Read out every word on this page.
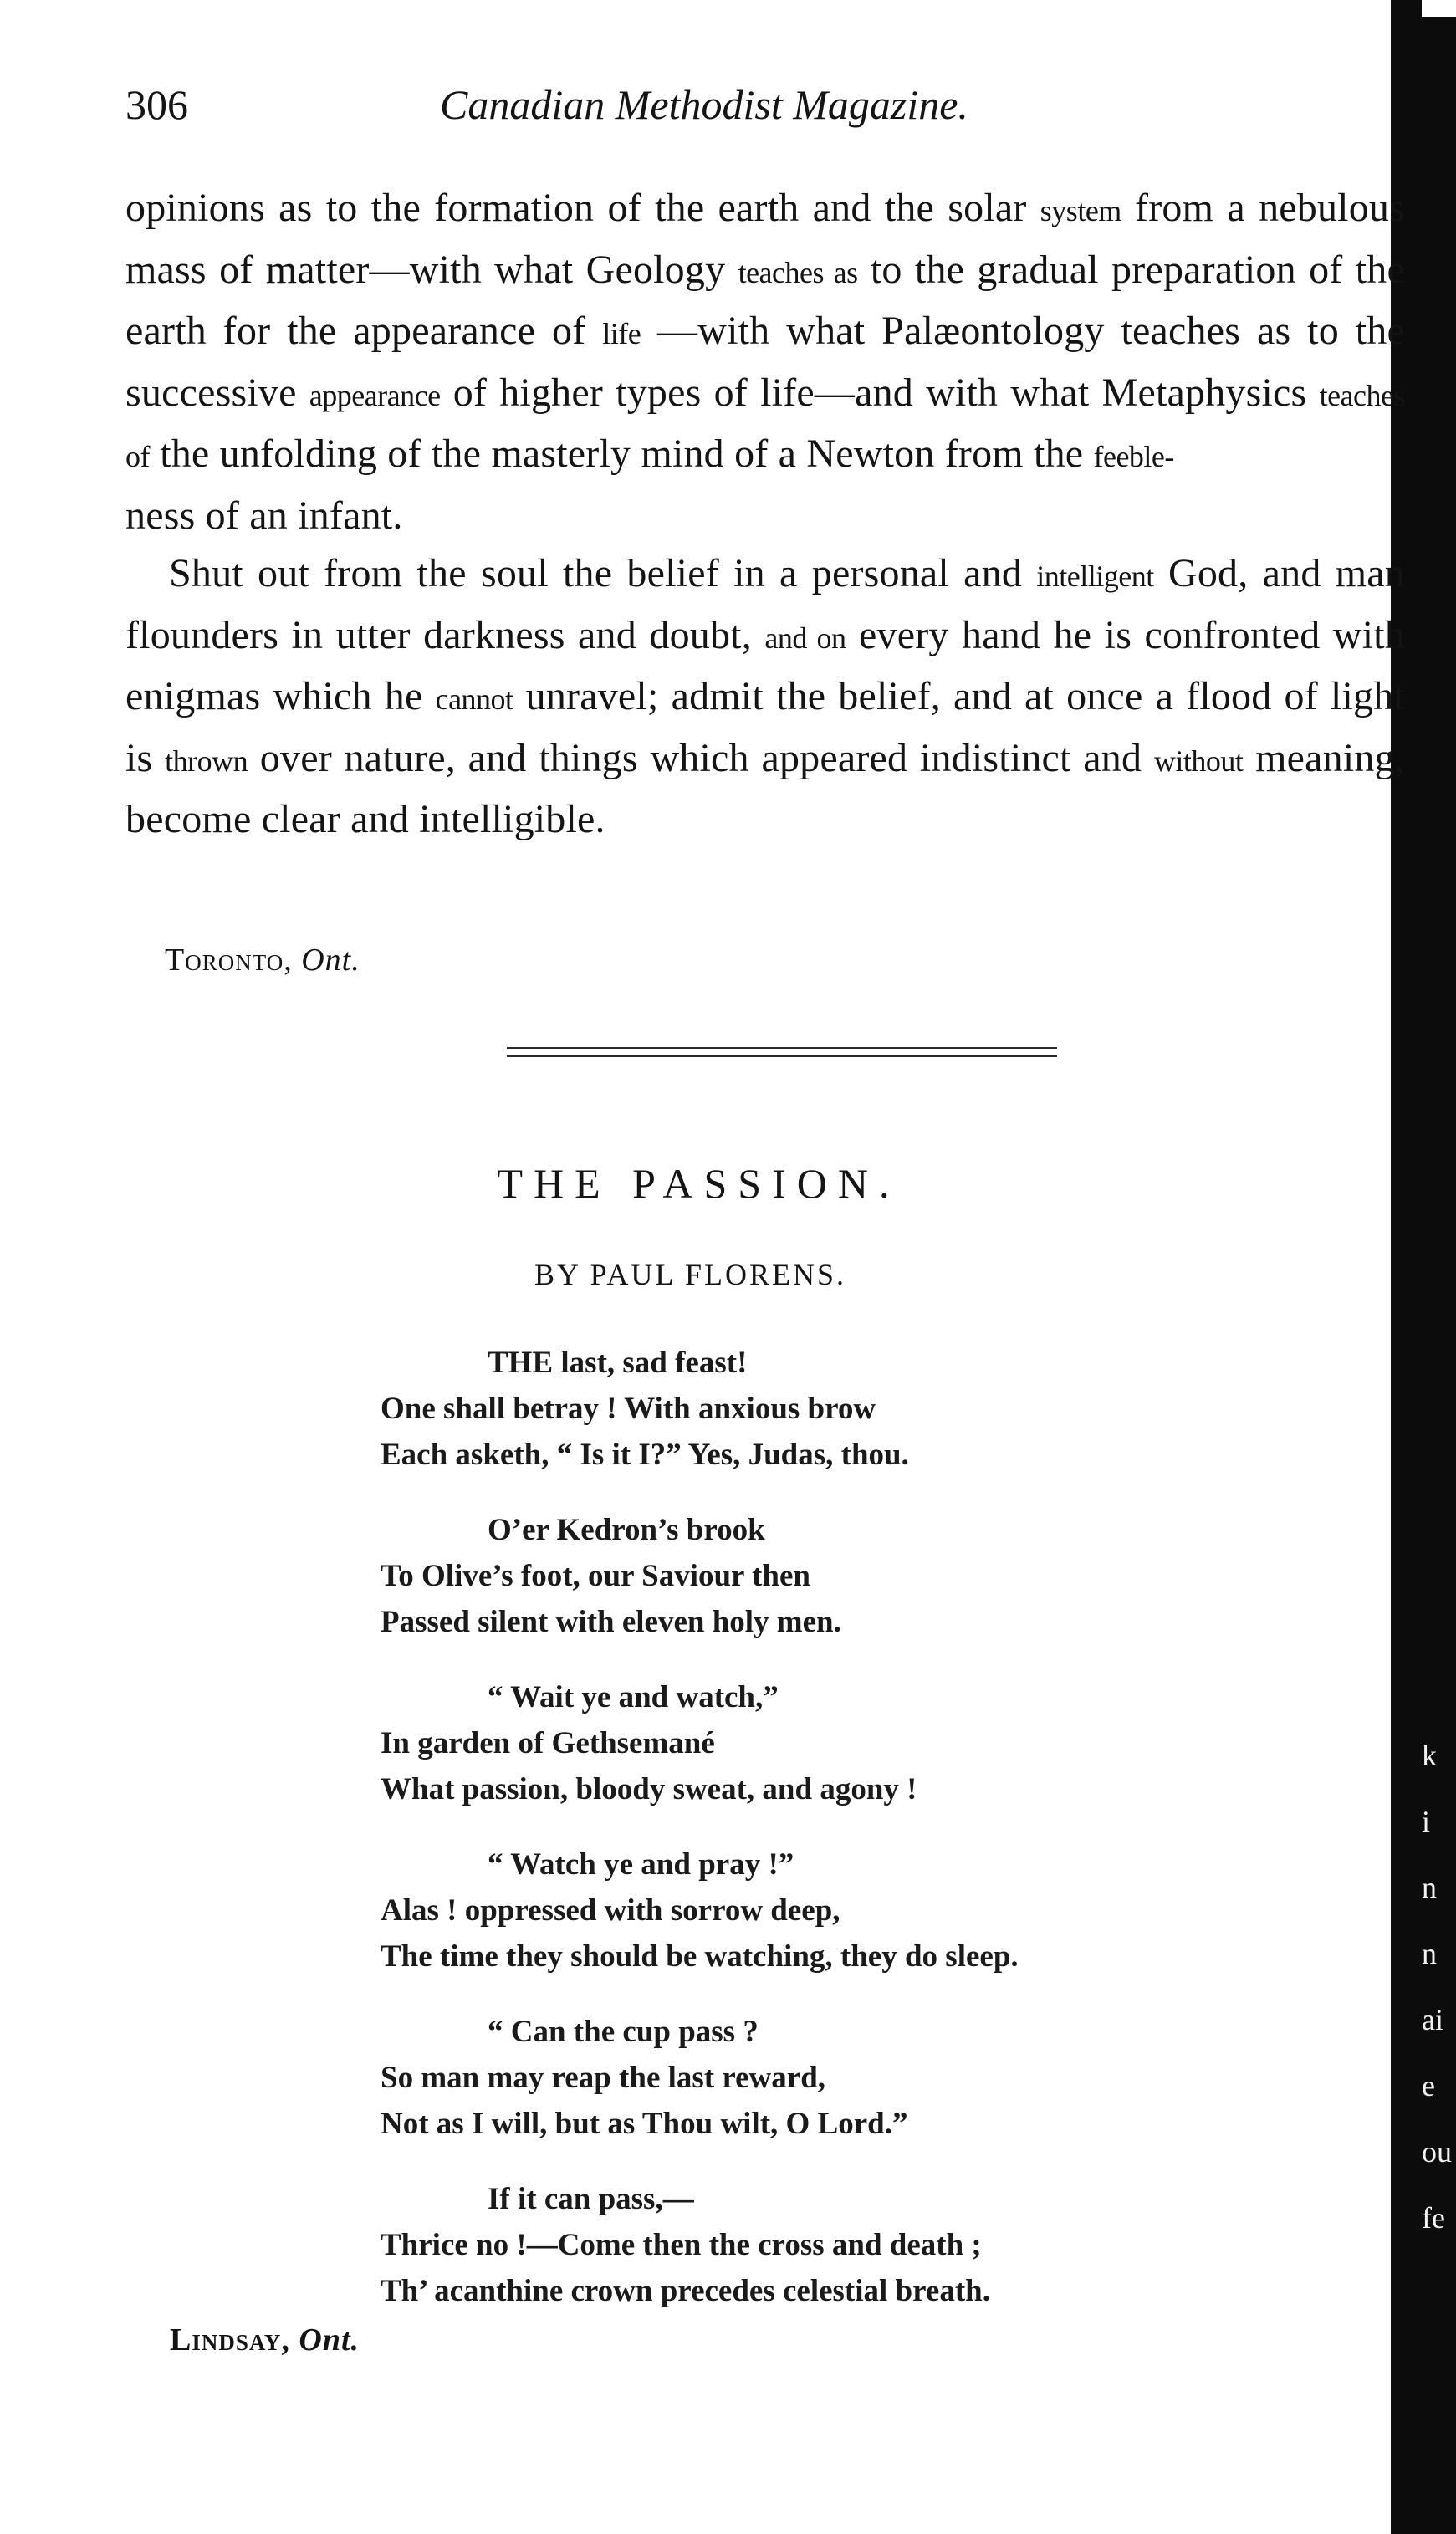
k
i
n
n
ai
e
ou
fe
306	Canadian Methodist Magazine.

opinions as to the formation of the earth and the solar system from a nebulous mass of matter—with what Geology teaches as to the gradual preparation of the earth for the appearance of life —with what Palæontology teaches as to the successive appearance of higher types of life—and with what Metaphysics teaches of the unfolding of the masterly mind of a Newton from the feeble-
ness of an infant.

Shut out from the soul the belief in a personal and intelligent God, and man flounders in utter darkness and doubt, and on every hand he is confronted with enigmas which he cannot unravel; admit the belief, and at once a flood of light is thrown over nature, and things which appeared indistinct and without meaning, become clear and intelligible.

Toronto, Ont.
THE PASSION.
BY PAUL FLORENS.
THE last, sad feast!
One shall betray ! With anxious brow
Each asketh, “ Is it I?” Yes, Judas, thou.
O’er Kedron’s brook
To Olive’s foot, our Saviour then
Passed silent with eleven holy men.
“ Wait ye and watch,”
In garden of Gethsemané
What passion, bloody sweat, and agony !
“ Watch ye and pray !”
Alas ! oppressed with sorrow deep,
The time they should be watching, they do sleep.
“ Can the cup pass ?
So man may reap the last reward,
Not as I will, but as Thou wilt, O Lord.”
If it can pass,—
Thrice no !—Come then the cross and death ;
Th’ acanthine crown precedes celestial breath.
Lindsay, Ont.
